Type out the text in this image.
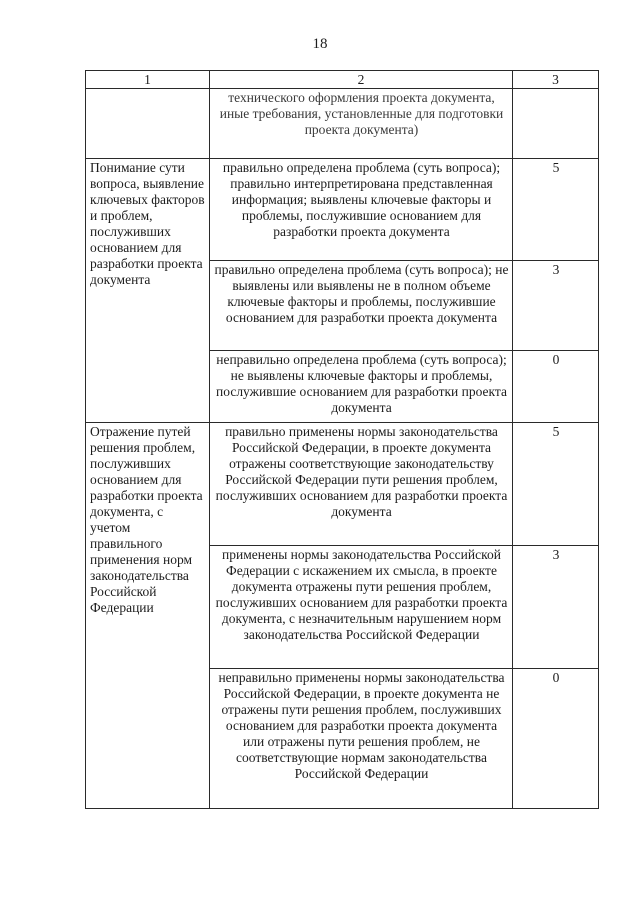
18
1	2	3
	технического оформления проекта документа, иные требования, установленные для подготовки проекта документа)	
Понимание сути вопроса, выявление ключевых факторов и проблем, послуживших основанием для разработки проекта документа	правильно определена проблема (суть вопроса); правильно интерпретирована представленная информация; выявлены ключевые факторы и проблемы, послужившие основанием для разработки проекта документа	5
	правильно определена проблема (суть вопроса); не выявлены или выявлены не в полном объеме ключевые факторы и проблемы, послужившие основанием для разработки проекта документа	3
	неправильно определена проблема (суть вопроса); не выявлены ключевые факторы и проблемы, послужившие основанием для разработки проекта документа	0
Отражение путей решения проблем, послуживших основанием для разработки проекта документа, с учетом правильного применения норм законодательства Российской Федерации	правильно применены нормы законодательства Российской Федерации, в проекте документа отражены соответствующие законодательству Российской Федерации пути решения проблем, послуживших основанием для разработки проекта документа	5
	применены нормы законодательства Российской Федерации с искажением их смысла, в проекте документа отражены пути решения проблем, послуживших основанием для разработки проекта документа, с незначительным нарушением норм законодательства Российской Федерации	3
	неправильно применены нормы законодательства Российской Федерации, в проекте документа не отражены пути решения проблем, послуживших основанием для разработки проекта документа или отражены пути решения проблем, не соответствующие нормам законодательства Российской Федерации	0
